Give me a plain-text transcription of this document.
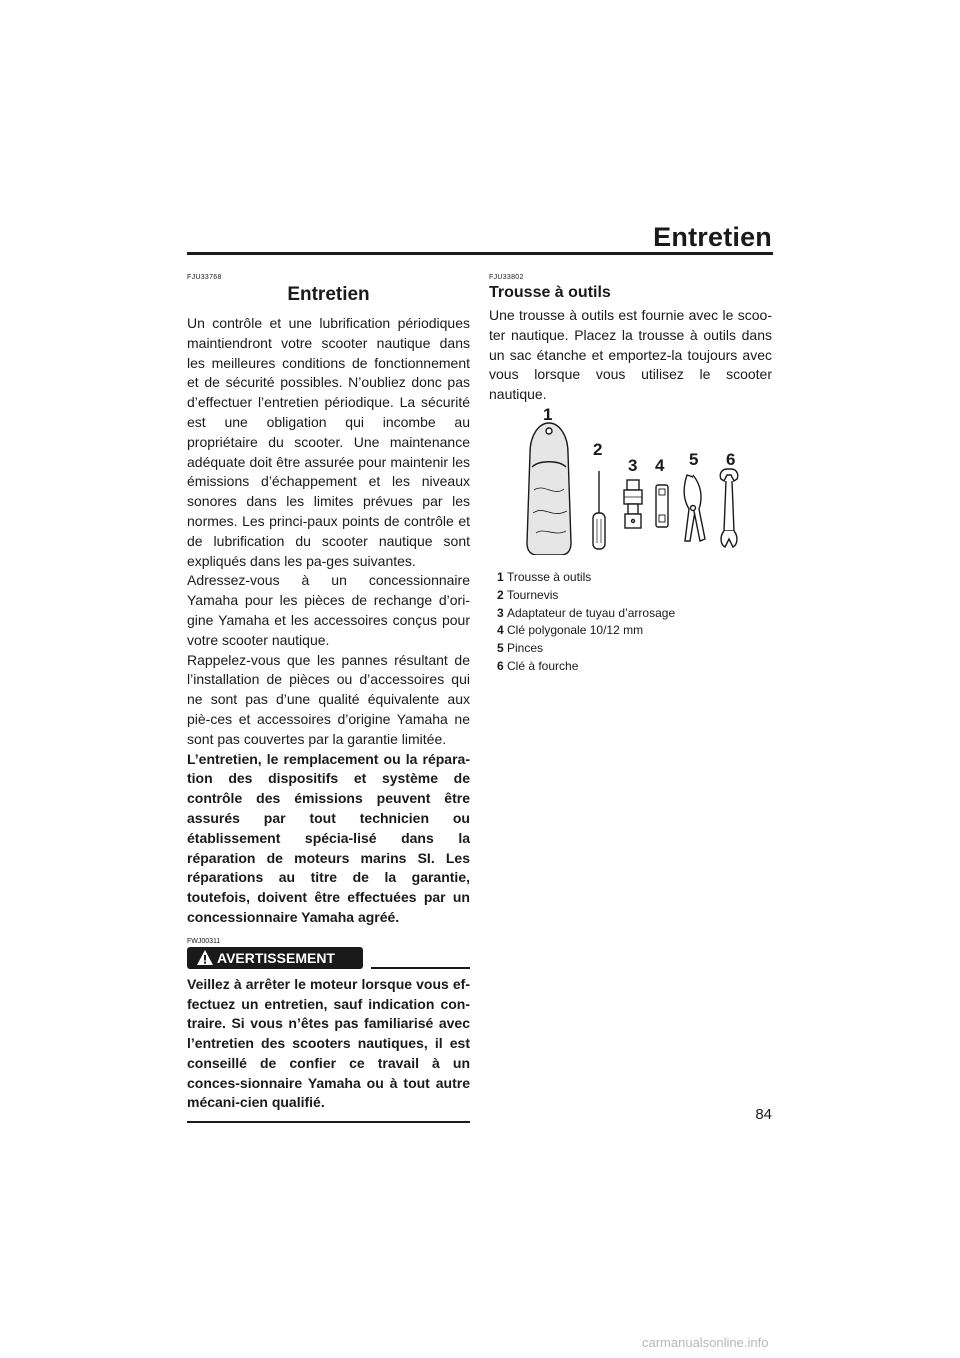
Entretien
FJU33768
Entretien

Un contrôle et une lubrification périodiques maintiendront votre scooter nautique dans les meilleures conditions de fonctionnement et de sécurité possibles. N’oubliez donc pas d’effectuer l’entretien périodique. La sécurité est une obligation qui incombe au propriétaire du scooter. Une maintenance adéquate doit être assurée pour maintenir les émissions d’échappement et les niveaux sonores dans les limites prévues par les normes. Les princi-paux points de contrôle et de lubrification du scooter nautique sont expliqués dans les pa-ges suivantes.

Adressez-vous à un concessionnaire Yamaha pour les pièces de rechange d’ori-gine Yamaha et les accessoires conçus pour votre scooter nautique.

Rappelez-vous que les pannes résultant de l’installation de pièces ou d’accessoires qui ne sont pas d’une qualité équivalente aux piè-ces et accessoires d’origine Yamaha ne sont pas couvertes par la garantie limitée.

L’entretien, le remplacement ou la répara-tion des dispositifs et système de contrôle des émissions peuvent être assurés par tout technicien ou établissement spécia-lisé dans la réparation de moteurs marins SI. Les réparations au titre de la garantie, toutefois, doivent être effectuées par un concessionnaire Yamaha agréé.

FWJ00311
AVERTISSEMENT

Veillez à arrêter le moteur lorsque vous ef-fectuez un entretien, sauf indication con-traire. Si vous n’êtes pas familiarisé avec l’entretien des scooters nautiques, il est conseillé de confier ce travail à un conces-sionnaire Yamaha ou à tout autre mécani-cien qualifié.

FJU33802
Trousse à outils

Une trousse à outils est fournie avec le scoo-ter nautique. Placez la trousse à outils dans un sac étanche et emportez-la toujours avec vous lorsque vous utilisez le scooter nautique.

1
2
3 4 5 6
1 Trousse à outils
2 Tournevis
3 Adaptateur de tuyau d’arrosage
4 Clé polygonale 10/12 mm
5 Pinces
6 Clé à fourche
84
carmanualsonline.info
